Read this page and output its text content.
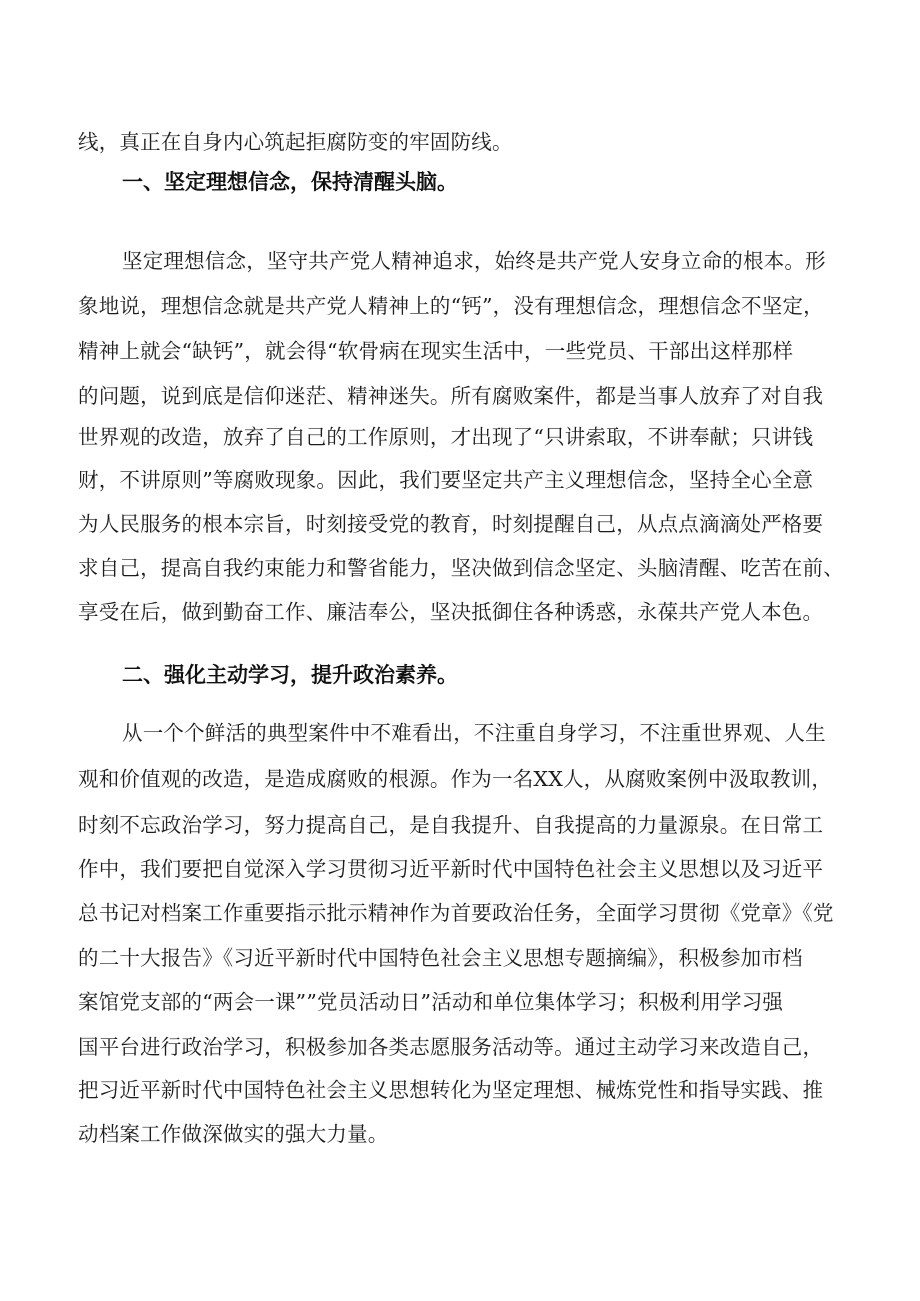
线，真正在自身内心筑起拒腐防变的牢固防线。
一、坚定理想信念，保持清醒头脑。
坚定理想信念，坚守共产党人精神追求，始终是共产党人安身立命的根本。形
象地说，理想信念就是共产党人精神上的“钙”，没有理想信念，理想信念不坚定，
精神上就会“缺钙”，就会得“软骨病在现实生活中，一些党员、干部出这样那样
的问题，说到底是信仰迷茫、精神迷失。所有腐败案件，都是当事人放弃了对自我
世界观的改造，放弃了自己的工作原则，才出现了“只讲索取，不讲奉献；只讲钱
财，不讲原则”等腐败现象。因此，我们要坚定共产主义理想信念，坚持全心全意
为人民服务的根本宗旨，时刻接受党的教育，时刻提醒自己，从点点滴滴处严格要
求自己，提高自我约束能力和警省能力，坚决做到信念坚定、头脑清醒、吃苦在前、
享受在后，做到勤奋工作、廉洁奉公，坚决抵御住各种诱惑，永葆共产党人本色。
二、强化主动学习，提升政治素养。
从一个个鲜活的典型案件中不难看出，不注重自身学习，不注重世界观、人生
观和价值观的改造，是造成腐败的根源。作为一名XX人，从腐败案例中汲取教训，
时刻不忘政治学习，努力提高自己，是自我提升、自我提高的力量源泉。在日常工
作中，我们要把自觉深入学习贯彻习近平新时代中国特色社会主义思想以及习近平
总书记对档案工作重要指示批示精神作为首要政治任务，全面学习贯彻《党章》《党
的二十大报告》《习近平新时代中国特色社会主义思想专题摘编》，积极参加市档
案馆党支部的“两会一课””党员活动日”活动和单位集体学习；积极利用学习强
国平台进行政治学习，积极参加各类志愿服务活动等。通过主动学习来改造自己，
把习近平新时代中国特色社会主义思想转化为坚定理想、械炼党性和指导实践、推
动档案工作做深做实的强大力量。
